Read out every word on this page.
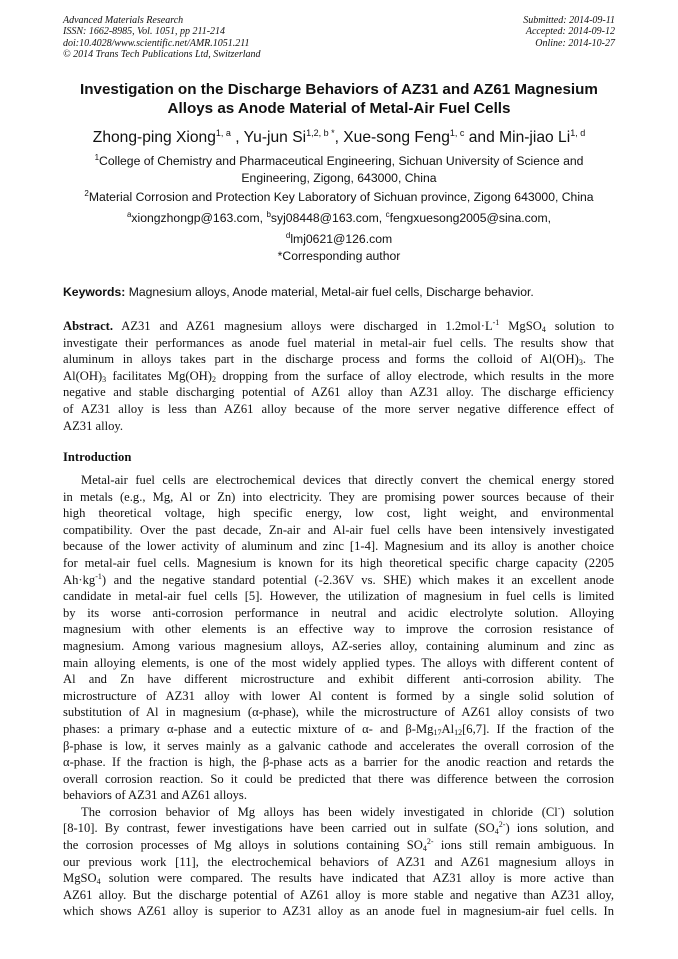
Advanced Materials Research
ISSN: 1662-8985, Vol. 1051, pp 211-214
doi:10.4028/www.scientific.net/AMR.1051.211
© 2014 Trans Tech Publications Ltd, Switzerland
Submitted: 2014-09-11
Accepted: 2014-09-12
Online: 2014-10-27
Investigation on the Discharge Behaviors of AZ31 and AZ61 Magnesium
Alloys as Anode Material of Metal-Air Fuel Cells
Zhong-ping Xiong$^{1, a}$ , Yu-jun $Si^{1,2, b *}$, Xue-song Feng$^{1, c}$ and Min-jiao Li$^{1, d}$
$^1$College of Chemistry and Pharmaceutical Engineering, Sichuan University of Science and
Engineering, Zigong, 643000, China
$^2$Material Corrosion and Protection Key Laboratory of Sichuan province, Zigong 643000, China
$^a$xiongzhongp@163.com, $^b$syj08448@163.com, $^c$fengxuesong2005@sina.com,
$^d$lmj0621@126.com
*Corresponding author
Keywords: Magnesium alloys, Anode material, Metal-air fuel cells, Discharge behavior.
Abstract. AZ31 and AZ61 magnesium alloys were discharged in $1.2mol\cdot L^{-1}$ MgSO$_4$ solution to
investigate their performances as anode fuel material in metal-air fuel cells. The results show that
aluminum in alloys takes part in the discharge process and forms the colloid of $Al(OH)_3$. The
$Al(OH)_3$ facilitates $Mg(OH)_2$ dropping from the surface of alloy electrode, which results in the more
negative and stable discharging potential of AZ61 alloy than AZ31 alloy. The discharge efficiency
of AZ31 alloy is less than AZ61 alloy because of the more server negative difference effect of
AZ31 alloy.
Introduction
Metal-air fuel cells are electrochemical devices that directly convert the chemical energy stored
in metals (e.g., Mg, Al or Zn) into electricity. They are promising power sources because of their
high theoretical voltage, high specific energy, low cost, light weight, and environmental
compatibility. Over the past decade, Zn-air and Al-air fuel cells have been intensively investigated
because of the lower activity of aluminum and zinc [1-4]. Magnesium and its alloy is another choice
for metal-air fuel cells. Magnesium is known for its high theoretical specific charge capacity (2205
$Ah\cdot kg^{-1}$) and the negative standard potential (-2.36V vs. SHE) which makes it an excellent anode
candidate in metal-air fuel cells [5]. However, the utilization of magnesium in fuel cells is limited
by its worse anti-corrosion performance in neutral and acidic electrolyte solution. Alloying
magnesium with other elements is an effective way to improve the corrosion resistance of
magnesium. Among various magnesium alloys, AZ-series alloy, containing aluminum and zinc as
main alloying elements, is one of the most widely applied types. The alloys with different content of
Al and Zn have different microstructure and exhibit different anti-corrosion ability. The
microstructure of AZ31 alloy with lower Al content is formed by a single solid solution of
substitution of Al in magnesium (α-phase), while the microstructure of AZ61 alloy consists of two
phases: a primary α-phase and a eutectic mixture of α- and $\beta-Mg_{17}Al_{12}[6,7]$. If the fraction of the
β-phase is low, it serves mainly as a galvanic cathode and accelerates the overall corrosion of the
α-phase. If the fraction is high, the β-phase acts as a barrier for the anodic reaction and retards the
overall corrosion reaction. So it could be predicted that there was difference between the corrosion
behaviors of AZ31 and AZ61 alloys.
The corrosion behavior of Mg alloys has been widely investigated in chloride (Cl-) solution
[8-10]. By contrast, fewer investigations have been carried out in sulfate $(SO_4^{2-})$ ions solution, and
the corrosion processes of Mg alloys in solutions containing $SO_4^{2-}$ ions still remain ambiguous. In
our previous work [11], the electrochemical behaviors of AZ31 and AZ61 magnesium alloys in
MgSO$_4$ solution were compared. The results have indicated that AZ31 alloy is more active than
AZ61 alloy. But the discharge potential of AZ61 alloy is more stable and negative than AZ31 alloy,
which shows AZ61 alloy is superior to AZ31 alloy as an anode fuel in magnesium-air fuel cells. In
